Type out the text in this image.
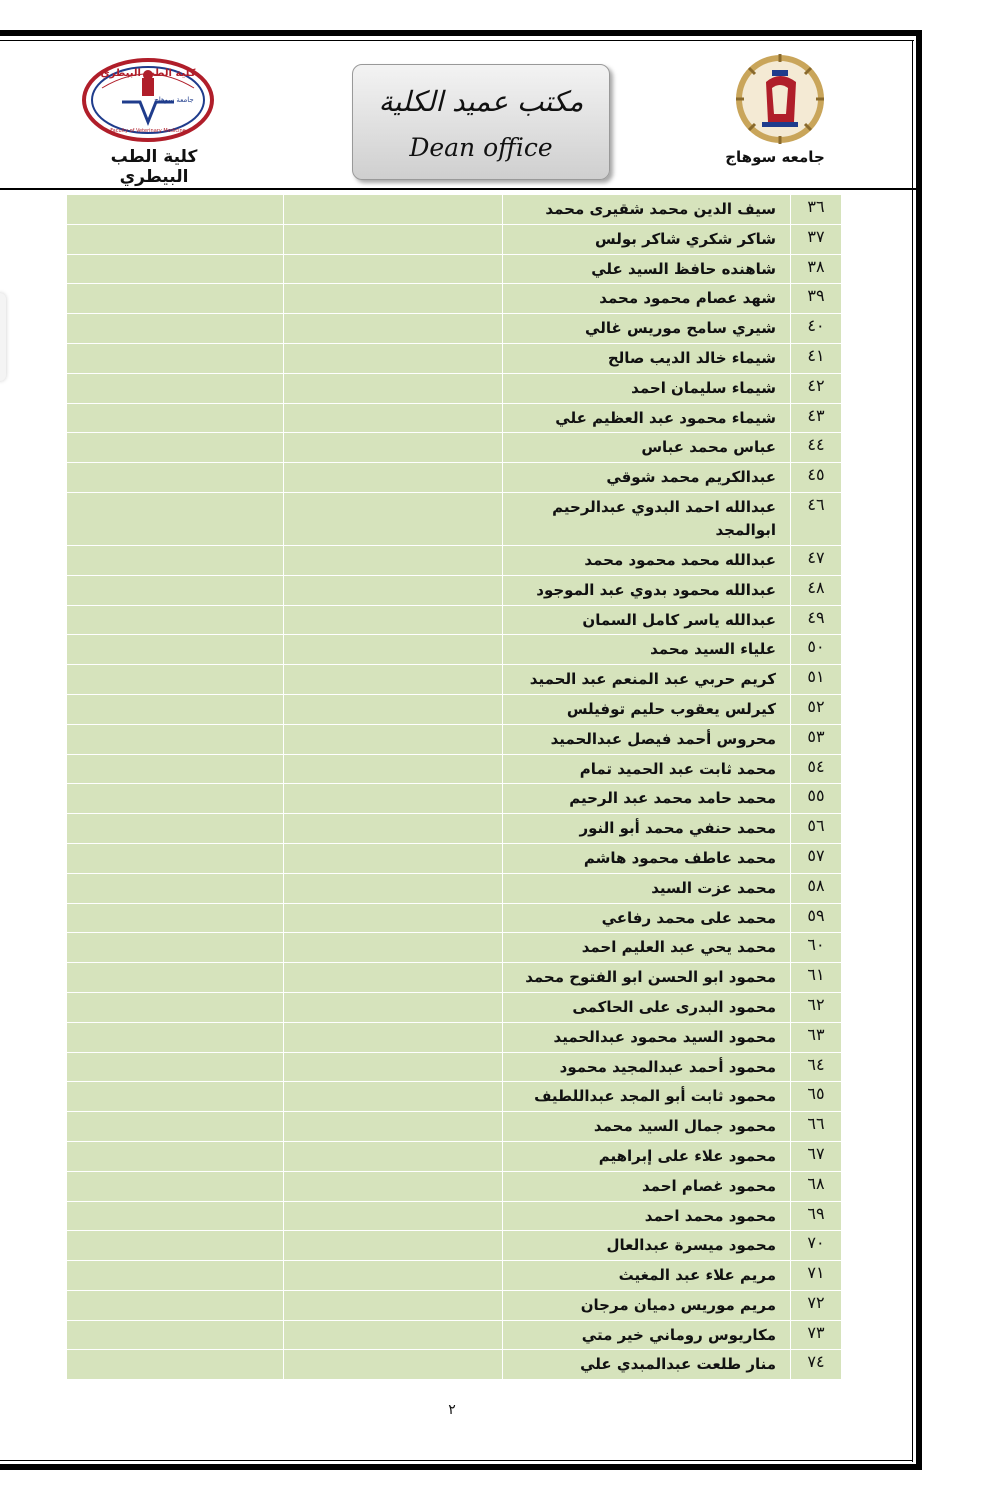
كلية الطب البيطري
جامعة سوهاج
Faculty of Veterinary Medicine
كلية الطب البيطري
مكتب عميد الكلية
Dean office	جامعه سوهاج
٣٦	سيف الدين محمد شقيرى محمد		
٣٧	شاكر شكري شاكر بولس		
٣٨	شاهنده حافظ السيد علي		
٣٩	شهد عصام محمود محمد		
٤٠	شيري سامح موريس غالي		
٤١	شيماء خالد الديب صالح		
٤٢	شيماء سليمان احمد		
٤٣	شيماء محمود عبد العظيم علي		
٤٤	عباس محمد عباس		
٤٥	عبدالكريم محمد شوقي		
٤٦	عبدالله احمد البدوي عبدالرحيم ابوالمجد		
٤٧	عبدالله محمد محمود محمد		
٤٨	عبدالله محمود بدوي عبد الموجود		
٤٩	عبدالله ياسر كامل السمان		
٥٠	علياء السيد محمد		
٥١	كريم حربي عبد المنعم عبد الحميد		
٥٢	كيرلس يعقوب حليم توفيلس		
٥٣	محروس أحمد فيصل عبدالحميد		
٥٤	محمد ثابت عبد الحميد تمام		
٥٥	محمد حامد محمد عبد الرحيم		
٥٦	محمد حنفي محمد أبو النور		
٥٧	محمد عاطف محمود هاشم		
٥٨	محمد عزت السيد		
٥٩	محمد على محمد رفاعي		
٦٠	محمد يحي عبد العليم احمد		
٦١	محمود ابو الحسن ابو الفتوح محمد		
٦٢	محمود البدرى على الحاكمى		
٦٣	محمود السيد محمود عبدالحميد		
٦٤	محمود أحمد عبدالمجيد محمود		
٦٥	محمود ثابت أبو المجد عبداللطيف		
٦٦	محمود جمال السيد محمد		
٦٧	محمود علاء على إبراهيم		
٦٨	محمود غصام احمد		
٦٩	محمود محمد احمد		
٧٠	محمود ميسرة عبدالعال		
٧١	مريم علاء عبد المغيث		
٧٢	مريم موريس دميان مرجان		
٧٣	مكاريوس روماني خير متي		
٧٤	منار طلعت عبدالمبدي علي		
٢
